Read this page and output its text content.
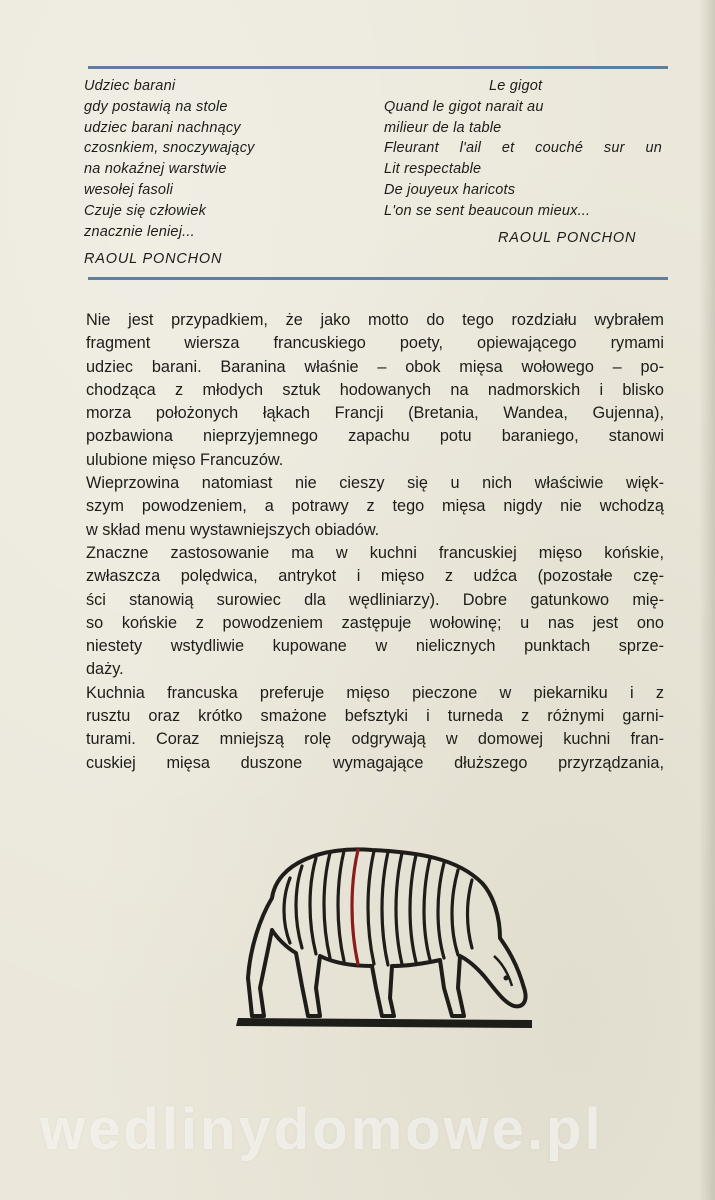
Udziec barani
gdy postawią na stole
udziec barani nachnący
czosnkiem, snoczywający
na nokaźnej warstwie
wesołej fasoli
Czuje się człowiek
znacznie leniej...
RAOUL PONCHON
Le gigot
Quand le gigot narait au
milieur de la table
Fleurant l'ail et couché sur un
Lit respectable
De jouyeux haricots
L'on se sent beaucoun mieux...
RAOUL PONCHON
Nie jest przypadkiem, że jako motto do tego rozdziału wybrałem
fragment wiersza francuskiego poety, opiewającego rymami
udziec barani. Baranina właśnie – obok mięsa wołowego – po-
chodząca z młodych sztuk hodowanych na nadmorskich i blisko
morza położonych łąkach Francji (Bretania, Wandea, Gujenna),
pozbawiona nieprzyjemnego zapachu potu baraniego, stanowi
ulubione mięso Francuzów.
Wieprzowina natomiast nie cieszy się u nich właściwie więk-
szym powodzeniem, a potrawy z tego mięsa nigdy nie wchodzą
w skład menu wystawniejszych obiadów.
Znaczne zastosowanie ma w kuchni francuskiej mięso końskie,
zwłaszcza polędwica, antrykot i mięso z udźca (pozostałe czę-
ści stanowią surowiec dla wędliniarzy). Dobre gatunkowo mię-
so końskie z powodzeniem zastępuje wołowinę; u nas jest ono
niestety wstydliwie kupowane w nielicznych punktach sprze-
daży.
Kuchnia francuska preferuje mięso pieczone w piekarniku i z
rusztu oraz krótko smażone befsztyki i turneda z różnymi garni-
turami. Coraz mniejszą rolę odgrywają w domowej kuchni fran-
cuskiej mięsa duszone wymagające dłuższego przyrządzania,
wedlinydomowe.pl
